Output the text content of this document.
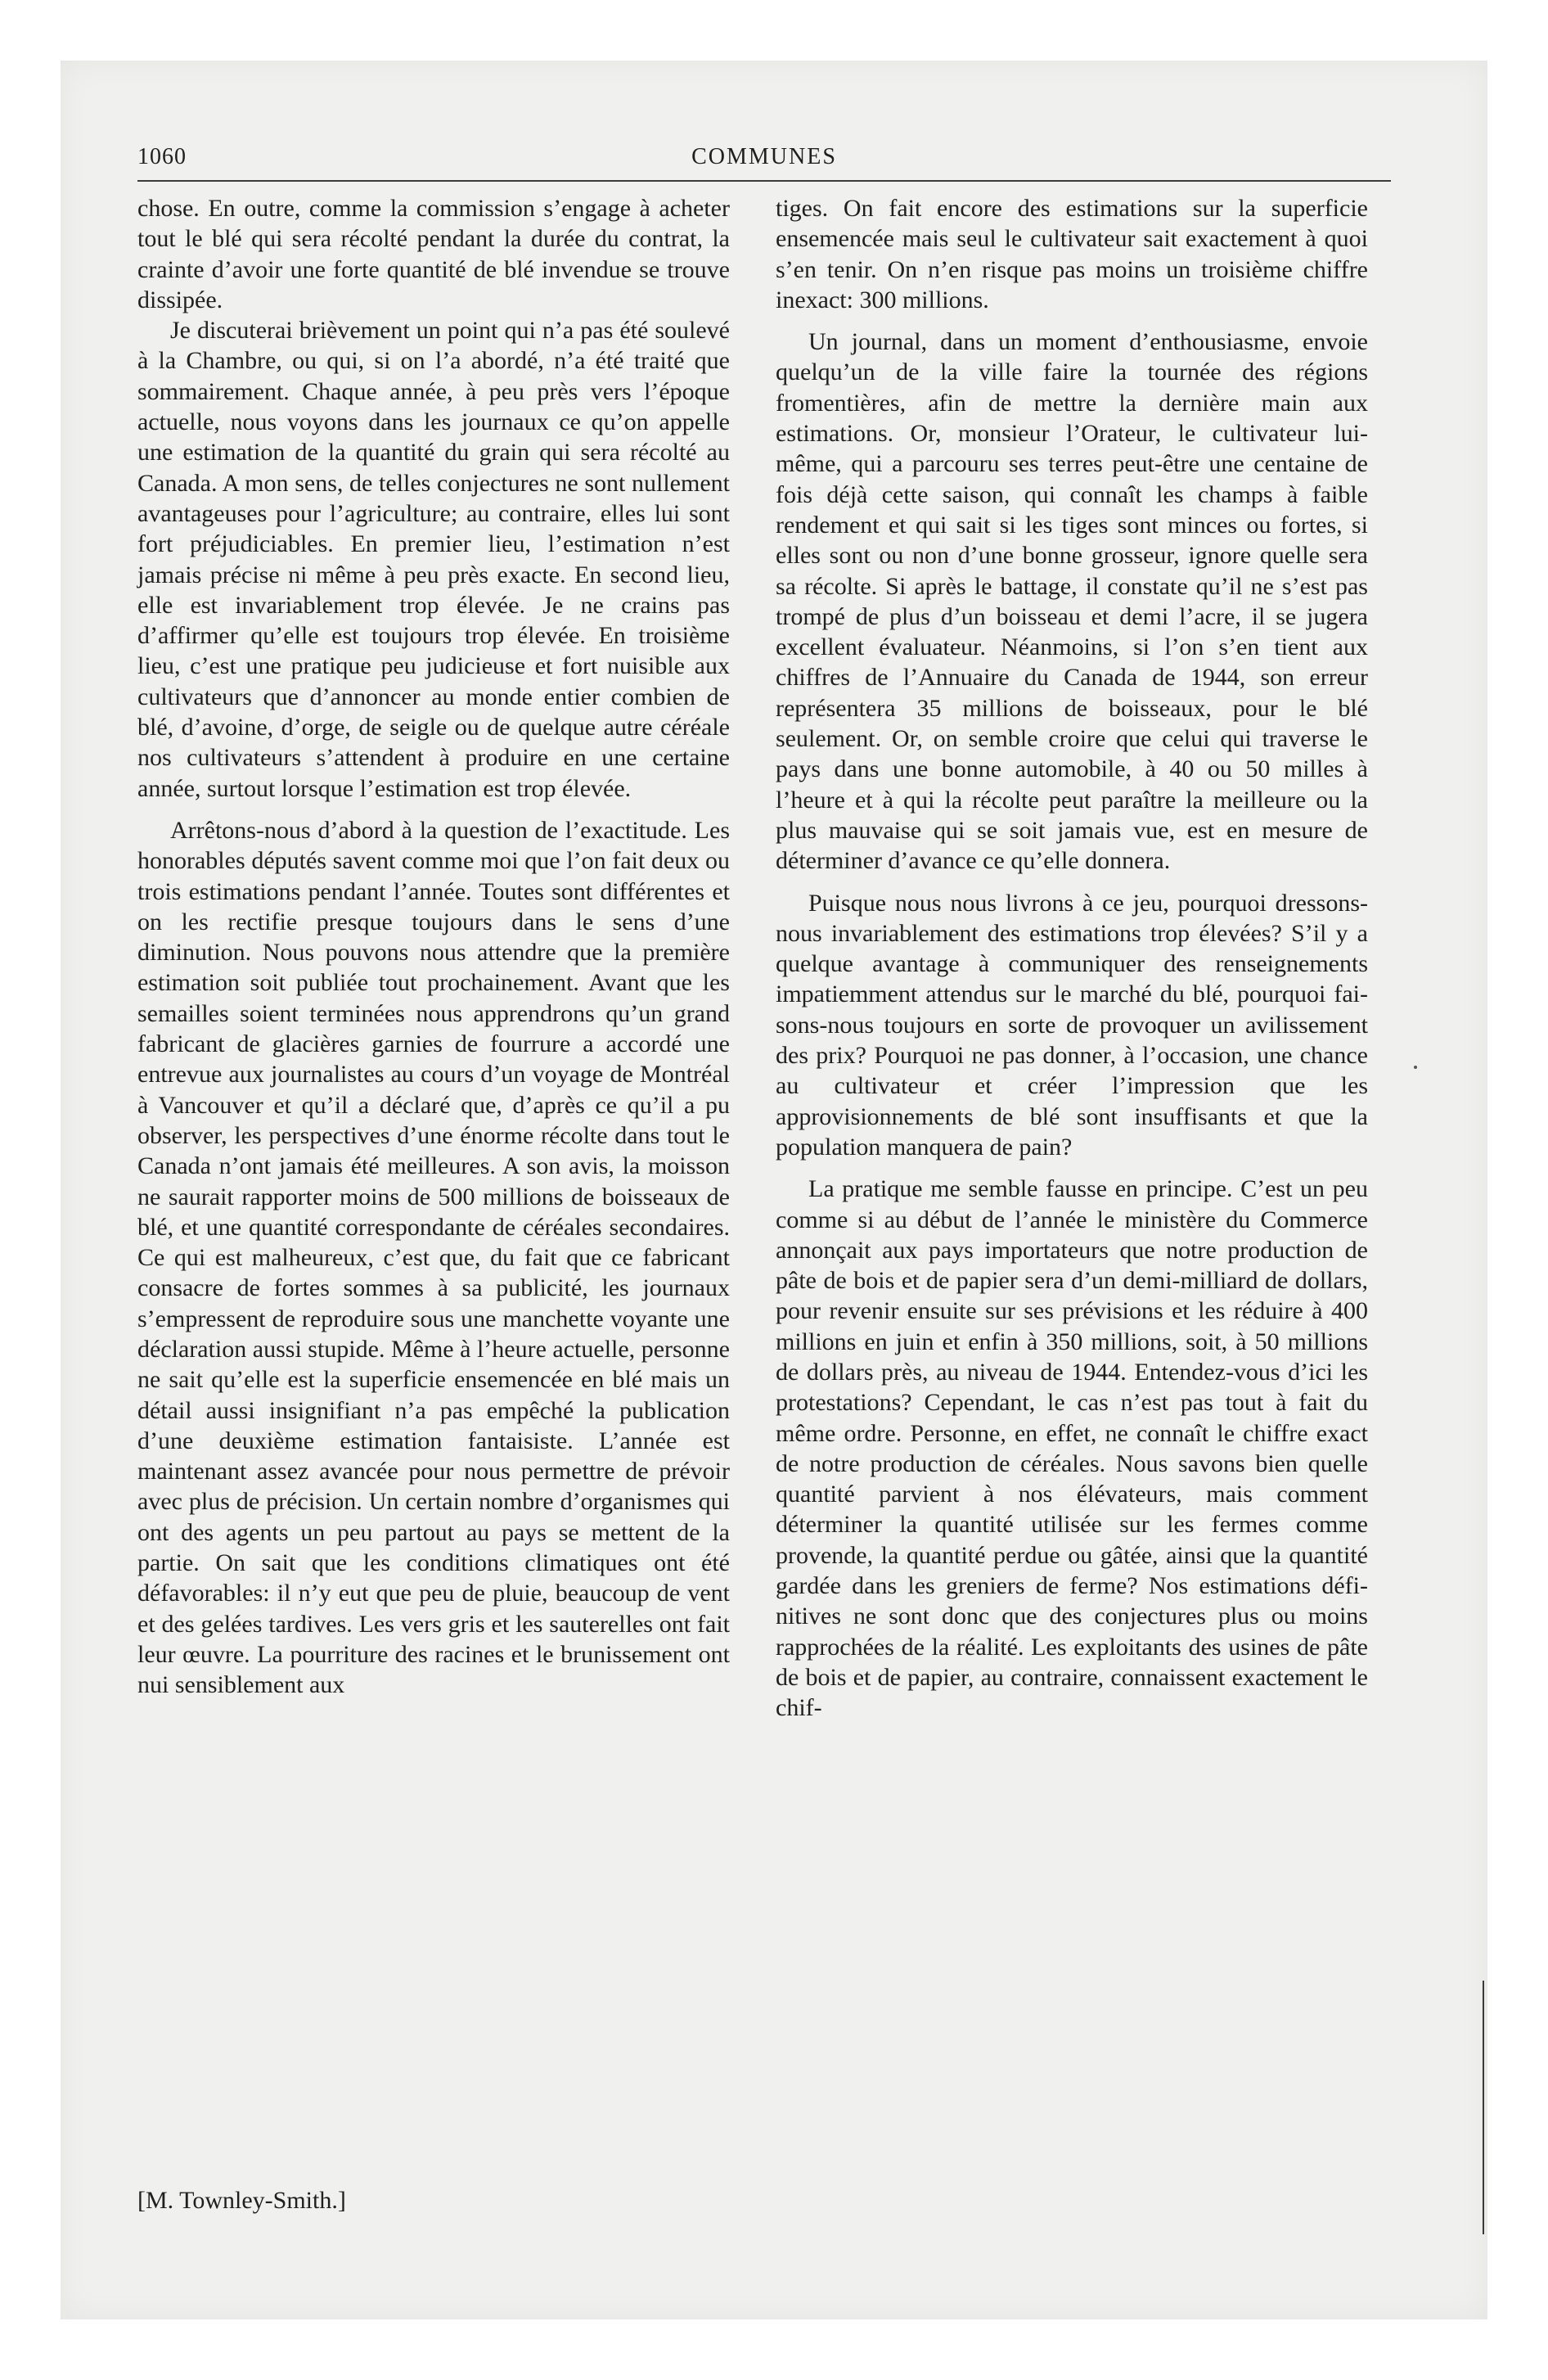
1060	COMMUNES

chose. En outre, comme la commission s’engage à acheter tout le blé qui sera récolté pendant la durée du contrat, la crainte d’avoir une forte quantité de blé invendue se trouve dissipée.

Je discuterai brièvement un point qui n’a pas été soulevé à la Chambre, ou qui, si on l’a abordé, n’a été traité que sommairement. Chaque année, à peu près vers l’époque actuelle, nous voyons dans les journaux ce qu’on appelle une estimation de la quantité du grain qui sera récolté au Canada. A mon sens, de telles conjectures ne sont nullement avantageuses pour l’agriculture; au contraire, elles lui sont fort préjudiciables. En premier lieu, l’estimation n’est jamais précise ni même à peu près exacte. En second lieu, elle est invariablement trop élevée. Je ne crains pas d’affirmer qu’elle est toujours trop élevée. En troisième lieu, c’est une pratique peu judicieuse et fort nuisible aux cultivateurs que d’annoncer au monde entier combien de blé, d’avoine, d’orge, de seigle ou de quelque autre céréale nos cultivateurs s’attendent à produire en une certaine année, surtout lorsque l’estimation est trop élevée.

Arrêtons-nous d’abord à la question de l’exactitude. Les honorables députés savent comme moi que l’on fait deux ou trois estimations pendant l’année. Toutes sont différentes et on les rectifie presque toujours dans le sens d’une diminution. Nous pouvons nous attendre que la première estimation soit publiée tout prochainement. Avant que les semailles soient terminées nous apprendrons qu’un grand fabricant de glacières garnies de fourrure a accordé une entrevue aux journalistes au cours d’un voyage de Montréal à Vancouver et qu’il a déclaré que, d’après ce qu’il a pu observer, les perspectives d’une énorme récolte dans tout le Canada n’ont jamais été meilleures. A son avis, la moisson ne saurait rapporter moins de 500 millions de boisseaux de blé, et une quantité correspondante de céréales secondaires. Ce qui est malheureux, c’est que, du fait que ce fabricant consacre de fortes sommes à sa publicité, les journaux s’empressent de reproduire sous une manchette voyante une déclaration aussi stupide. Même à l’heure actuelle, personne ne sait qu’elle est la superficie ensemencée en blé mais un détail aussi insignifiant n’a pas empêché la publication d’une deuxième estimation fantaisiste. L’année est maintenant assez avancée pour nous permettre de prévoir avec plus de précision. Un certain nombre d’organismes qui ont des agents un peu partout au pays se mettent de la partie. On sait que les conditions climatiques ont été défavorables: il n’y eut que peu de pluie, beaucoup de vent et des gelées tardives. Les vers gris et les sauterelles ont fait leur œuvre. La pourriture des racines et le brunissement ont nui sensiblement aux

[M. Townley-Smith.]

tiges. On fait encore des estimations sur la superficie ensemencée mais seul le cultivateur sait exactement à quoi s’en tenir. On n’en risque pas moins un troisième chiffre inexact: 300 millions.

Un journal, dans un moment d’enthousiasme, envoie quelqu’un de la ville faire la tournée des régions fromentières, afin de mettre la dernière main aux estimations. Or, monsieur l’Orateur, le cultivateur lui-même, qui a parcouru ses terres peut-être une centaine de fois déjà cette saison, qui connaît les champs à faible rendement et qui sait si les tiges sont minces ou fortes, si elles sont ou non d’une bonne grosseur, ignore quelle sera sa récolte. Si après le battage, il constate qu’il ne s’est pas trompé de plus d’un boisseau et demi l’acre, il se jugera excellent évaluateur. Néanmoins, si l’on s’en tient aux chiffres de l’Annuaire du Canada de 1944, son erreur représentera 35 millions de boisseaux, pour le blé seulement. Or, on semble croire que celui qui traverse le pays dans une bonne automobile, à 40 ou 50 milles à l’heure et à qui la récolte peut paraître la meilleure ou la plus mauvaise qui se soit jamais vue, est en mesure de déterminer d’avance ce qu’elle donnera.

Puisque nous nous livrons à ce jeu, pourquoi dressons-nous invariablement des estimations trop élevées? S’il y a quelque avantage à communiquer des renseignements impatiemment attendus sur le marché du blé, pourquoi faisons-nous toujours en sorte de provoquer un avilissement des prix? Pourquoi ne pas donner, à l’occasion, une chance au cultivateur et créer l’impression que les approvisionnements de blé sont insuffisants et que la population manquera de pain?

La pratique me semble fausse en principe. C’est un peu comme si au début de l’année le ministère du Commerce annonçait aux pays importateurs que notre production de pâte de bois et de papier sera d’un demi-milliard de dollars, pour revenir ensuite sur ses prévisions et les réduire à 400 millions en juin et enfin à 350 millions, soit, à 50 millions de dollars près, au niveau de 1944. Entendez-vous d’ici les protestations? Cependant, le cas n’est pas tout à fait du même ordre. Personne, en effet, ne connaît le chiffre exact de notre production de céréales. Nous savons bien quelle quantité parvient à nos élévateurs, mais comment déterminer la quantité utilisée sur les fermes comme provende, la quantité perdue ou gâtée, ainsi que la quantité gardée dans les greniers de ferme? Nos estimations définitives ne sont donc que des conjectures plus ou moins rapprochées de la réalité. Les exploitants des usines de pâte de bois et de papier, au contraire, connaissent exactement le chif-
